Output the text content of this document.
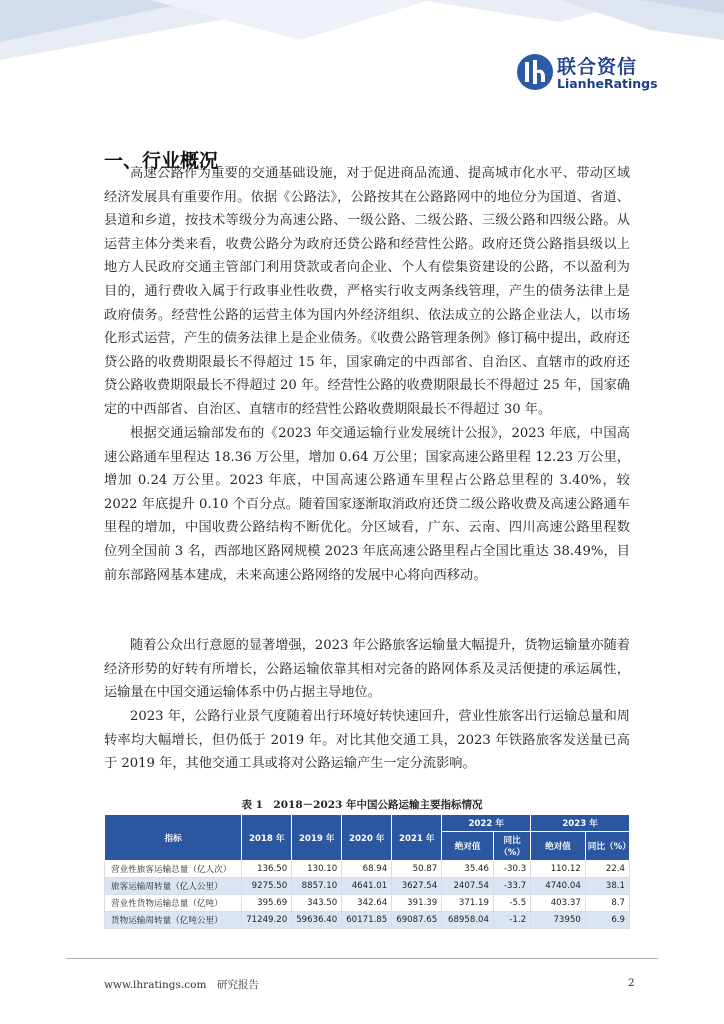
联合资信
LianheRatings
一、行业概况

高速公路作为重要的交通基础设施，对于促进商品流通、提高城市化水平、带动区域经济发展具有重要作用。依据《公路法》，公路按其在公路路网中的地位分为国道、省道、县道和乡道，按技术等级分为高速公路、一级公路、二级公路、三级公路和四级公路。从运营主体分类来看，收费公路分为政府还贷公路和经营性公路。政府还贷公路指县级以上地方人民政府交通主管部门利用贷款或者向企业、个人有偿集资建设的公路，不以盈利为目的，通行费收入属于行政事业性收费，严格实行收支两条线管理，产生的债务法律上是政府债务。经营性公路的运营主体为国内外经济组织、依法成立的公路企业法人，以市场化形式运营，产生的债务法律上是企业债务。《收费公路管理条例》修订稿中提出，政府还贷公路的收费期限最长不得超过 15 年，国家确定的中西部省、自治区、直辖市的政府还贷公路收费期限最长不得超过 20 年。经营性公路的收费期限最长不得超过 25 年，国家确定的中西部省、自治区、直辖市的经营性公路收费期限最长不得超过 30 年。

根据交通运输部发布的《2023 年交通运输行业发展统计公报》，2023 年底，中国高速公路通车里程达 18.36 万公里，增加 0.64 万公里；国家高速公路里程 12.23 万公里，增加 0.24 万公里。2023 年底，中国高速公路通车里程占公路总里程的 3.40%，较 2022 年底提升 0.10 个百分点。随着国家逐渐取消政府还贷二级公路收费及高速公路通车里程的增加，中国收费公路结构不断优化。分区域看，广东、云南、四川高速公路里程数位列全国前 3 名，西部地区路网规模 2023 年底高速公路里程占全国比重达 38.49%，目前东部路网基本建成，未来高速公路网络的发展中心将向西移动。

随着公众出行意愿的显著增强，2023 年公路旅客运输量大幅提升，货物运输量亦随着经济形势的好转有所增长，公路运输依靠其相对完备的路网体系及灵活便捷的承运属性，运输量在中国交通运输体系中仍占据主导地位。

2023 年，公路行业景气度随着出行环境好转快速回升，营业性旅客出行运输总量和周转率均大幅增长，但仍低于 2019 年。对比其他交通工具，2023 年铁路旅客发送量已高于 2019 年，其他交通工具或将对公路运输产生一定分流影响。

表 1　2018－2023 年中国公路运输主要指标情况
指标	2018 年	2019 年	2020 年	2021 年	2022 年		2023 年	
					绝对值	同比（%）	绝对值	同比（%）
营业性旅客运输总量（亿人次）	136.50	130.10	68.94	50.87	35.46	-30.3	110.12	22.4
旅客运输周转量（亿人公里）	9275.50	8857.10	4641.01	3627.54	2407.54	-33.7	4740.04	38.1
营业性货物运输总量（亿吨）	395.69	343.50	342.64	391.39	371.19	-5.5	403.37	8.7
货物运输周转量（亿吨公里）	71249.20	59636.40	60171.85	69087.65	68958.04	-1.2	73950	6.9
www.lhratings.com　研究报告	2
